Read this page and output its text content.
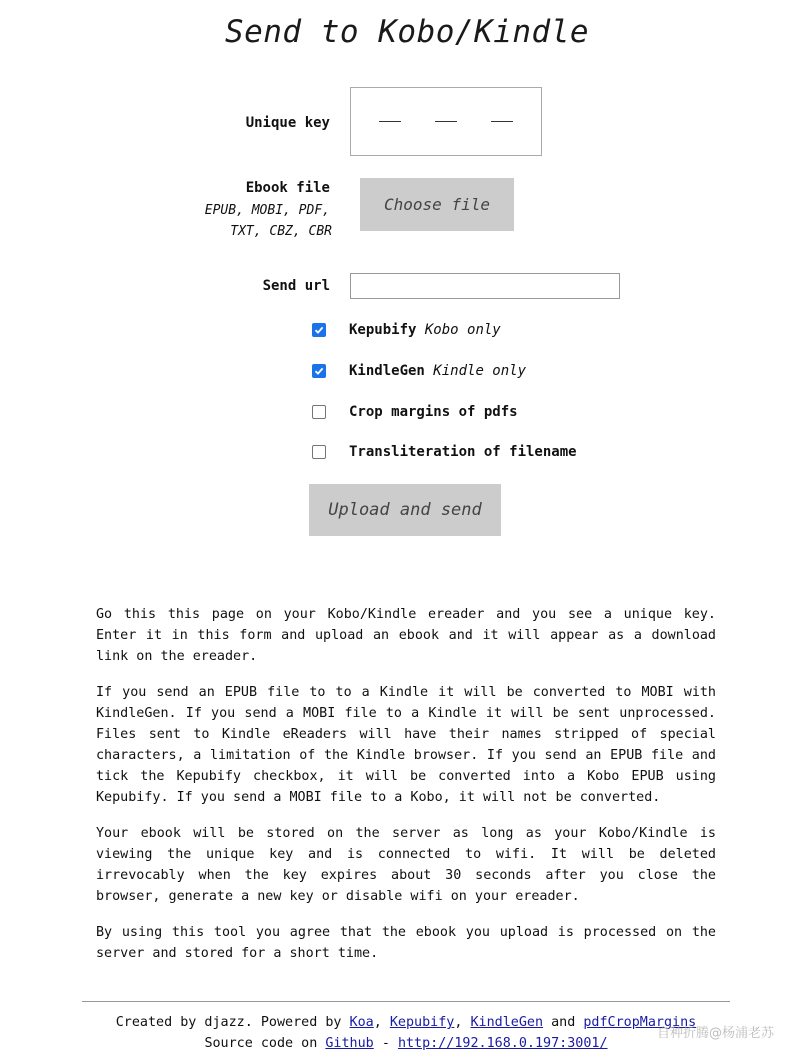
Send to Kobo/Kindle
Unique key
Ebook file
EPUB, MOBI, PDF,
TXT, CBZ, CBR
Choose file
Send url
Kepubify Kobo only
KindleGen Kindle only
Crop margins of pdfs
Transliteration of filename
Upload and send

Go this this page on your Kobo/Kindle ereader and you see a unique key. Enter it in this form and upload an ebook and it will appear as a download link on the ereader.

If you send an EPUB file to to a Kindle it will be converted to MOBI with KindleGen. If you send a MOBI file to a Kindle it will be sent unprocessed. Files sent to Kindle eReaders will have their names stripped of special characters, a limitation of the Kindle browser. If you send an EPUB file and tick the Kepubify checkbox, it will be converted into a Kobo EPUB using Kepubify. If you send a MOBI file to a Kobo, it will not be converted.

Your ebook will be stored on the server as long as your Kobo/Kindle is viewing the unique key and is connected to wifi. It will be deleted irrevocably when the key expires about 30 seconds after you close the browser, generate a new key or disable wifi on your ereader.

By using this tool you agree that the ebook you upload is processed on the server and stored for a short time.

Created by djazz. Powered by Koa, Kepubify, KindleGen and pdfCropMargins
Source code on Github - http://192.168.0.197:3001/
自种折腾@杨浦老苏
